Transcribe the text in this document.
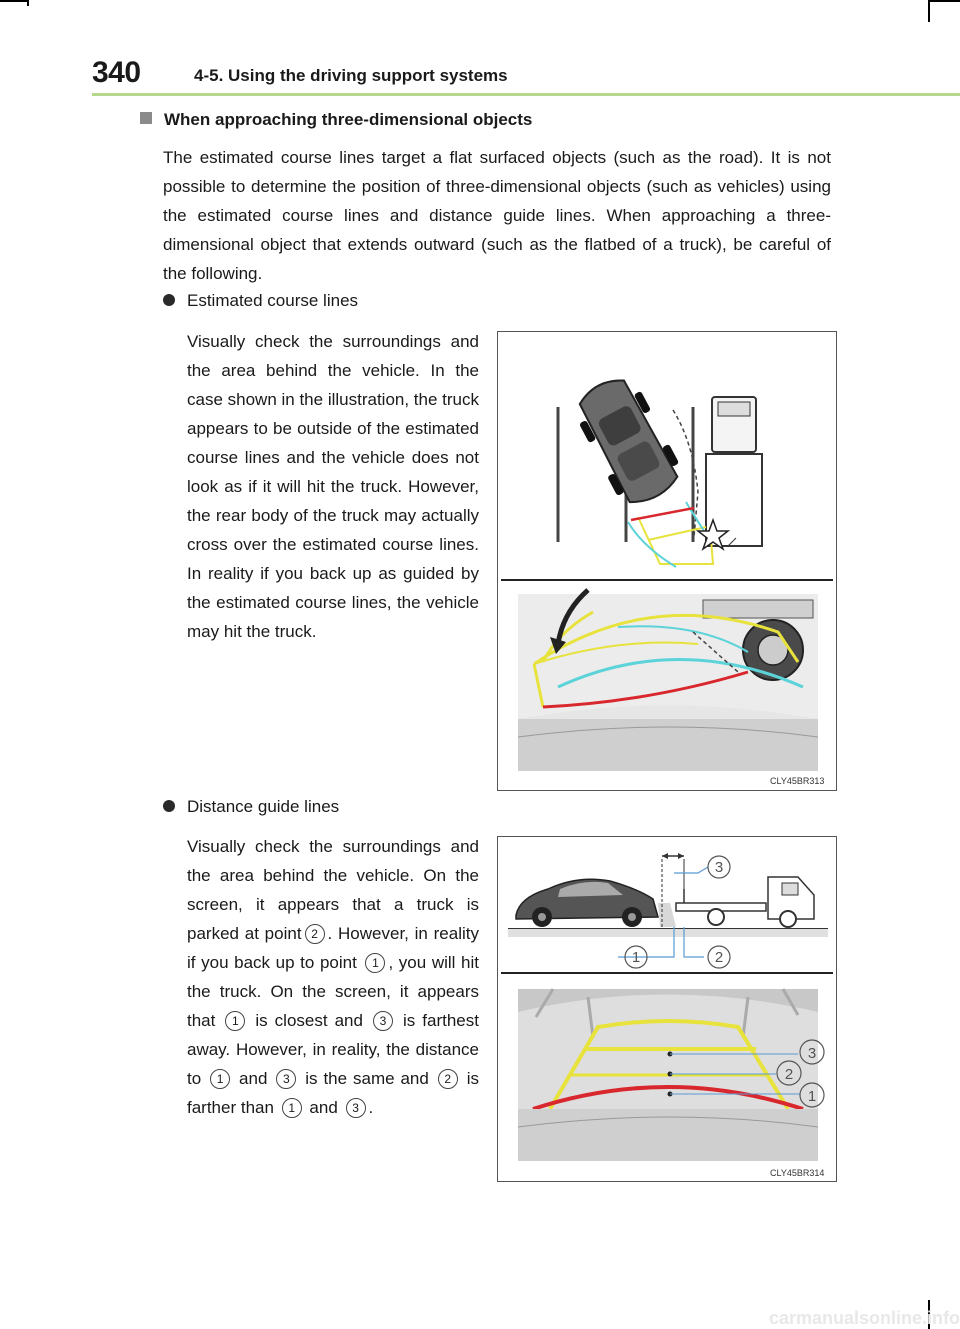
340	4-5. Using the driving support systems
When approaching three-dimensional objects
The estimated course lines target a flat surfaced objects (such as the road). It is not possible to determine the position of three-dimensional objects (such as vehicles) using the estimated course lines and distance guide lines. When approaching a three-dimensional object that extends outward (such as the flatbed of a truck), be careful of the following.
Estimated course lines
Visually check the surroundings and the area behind the vehicle. In the case shown in the illustration, the truck appears to be outside of the estimated course lines and the vehicle does not look as if it will hit the truck. However, the rear body of the truck may actually cross over the estimated course lines. In reality if you back up as guided by the estimated course lines, the vehicle may hit the truck.
CLY45BR313
Distance guide lines
Visually check the surroundings and the area behind the vehicle. On the screen, it appears that a truck is parked at point 2 . However, in reality if you back up to point 1 , you will hit the truck. On the screen, it appears that 1 is closest and 3 is farthest away. However, in reality, the distance to 1 and 3 is the same and 2 is farther than 1 and 3 .
3
1	2
3
2
1
CLY45BR314
carmanualsonline.info
